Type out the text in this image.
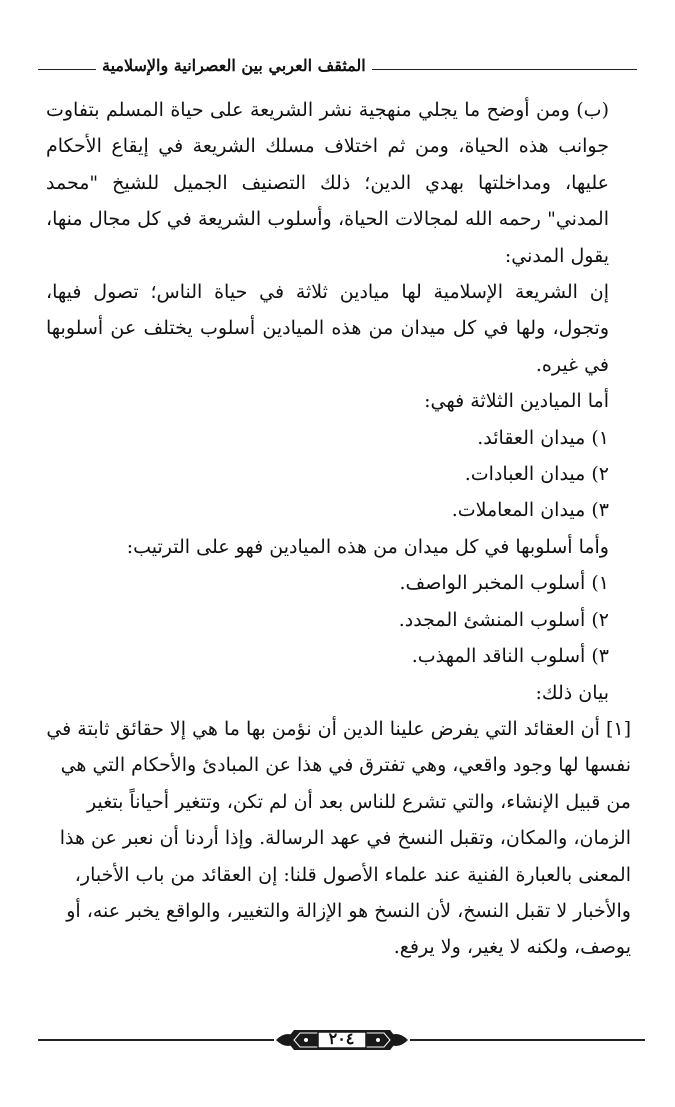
المثقف العربي بين العصرانية والإسلامية

(ب) ومن أوضح ما يجلي منهجية نشر الشريعة على حياة المسلم بتفاوت جوانب هذه الحياة، ومن ثم اختلاف مسلك الشريعة في إيقاع الأحكام عليها، ومداخلتها بهدي الدين؛ ذلك التصنيف الجميل للشيخ "محمد المدني" رحمه الله لمجالات الحياة، وأسلوب الشريعة في كل مجال منها، يقول المدني:

إن الشريعة الإسلامية لها ميادين ثلاثة في حياة الناس؛ تصول فيها، وتجول، ولها في كل ميدان من هذه الميادين أسلوب يختلف عن أسلوبها في غيره.

أما الميادين الثلاثة فهي:

١) ميدان العقائد.

٢) ميدان العبادات.

٣) ميدان المعاملات.

وأما أسلوبها في كل ميدان من هذه الميادين فهو على الترتيب:

١) أسلوب المخبر الواصف.

٢) أسلوب المنشئ المجدد.

٣) أسلوب الناقد المهذب.

بيان ذلك:

[١] أن العقائد التي يفرض علينا الدين أن نؤمن بها ما هي إلا حقائق ثابتة في نفسها لها وجود واقعي، وهي تفترق في هذا عن المبادئ والأحكام التي هي من قبيل الإنشاء، والتي تشرع للناس بعد أن لم تكن، وتتغير أحياناً بتغير الزمان، والمكان، وتقبل النسخ في عهد الرسالة. وإذا أردنا أن نعبر عن هذا المعنى بالعبارة الفنية عند علماء الأصول قلنا: إن العقائد من باب الأخبار، والأخبار لا تقبل النسخ، لأن النسخ هو الإزالة والتغيير، والواقع يخبر عنه، أو يوصف، ولكنه لا يغير، ولا يرفع.

٢٠٤
